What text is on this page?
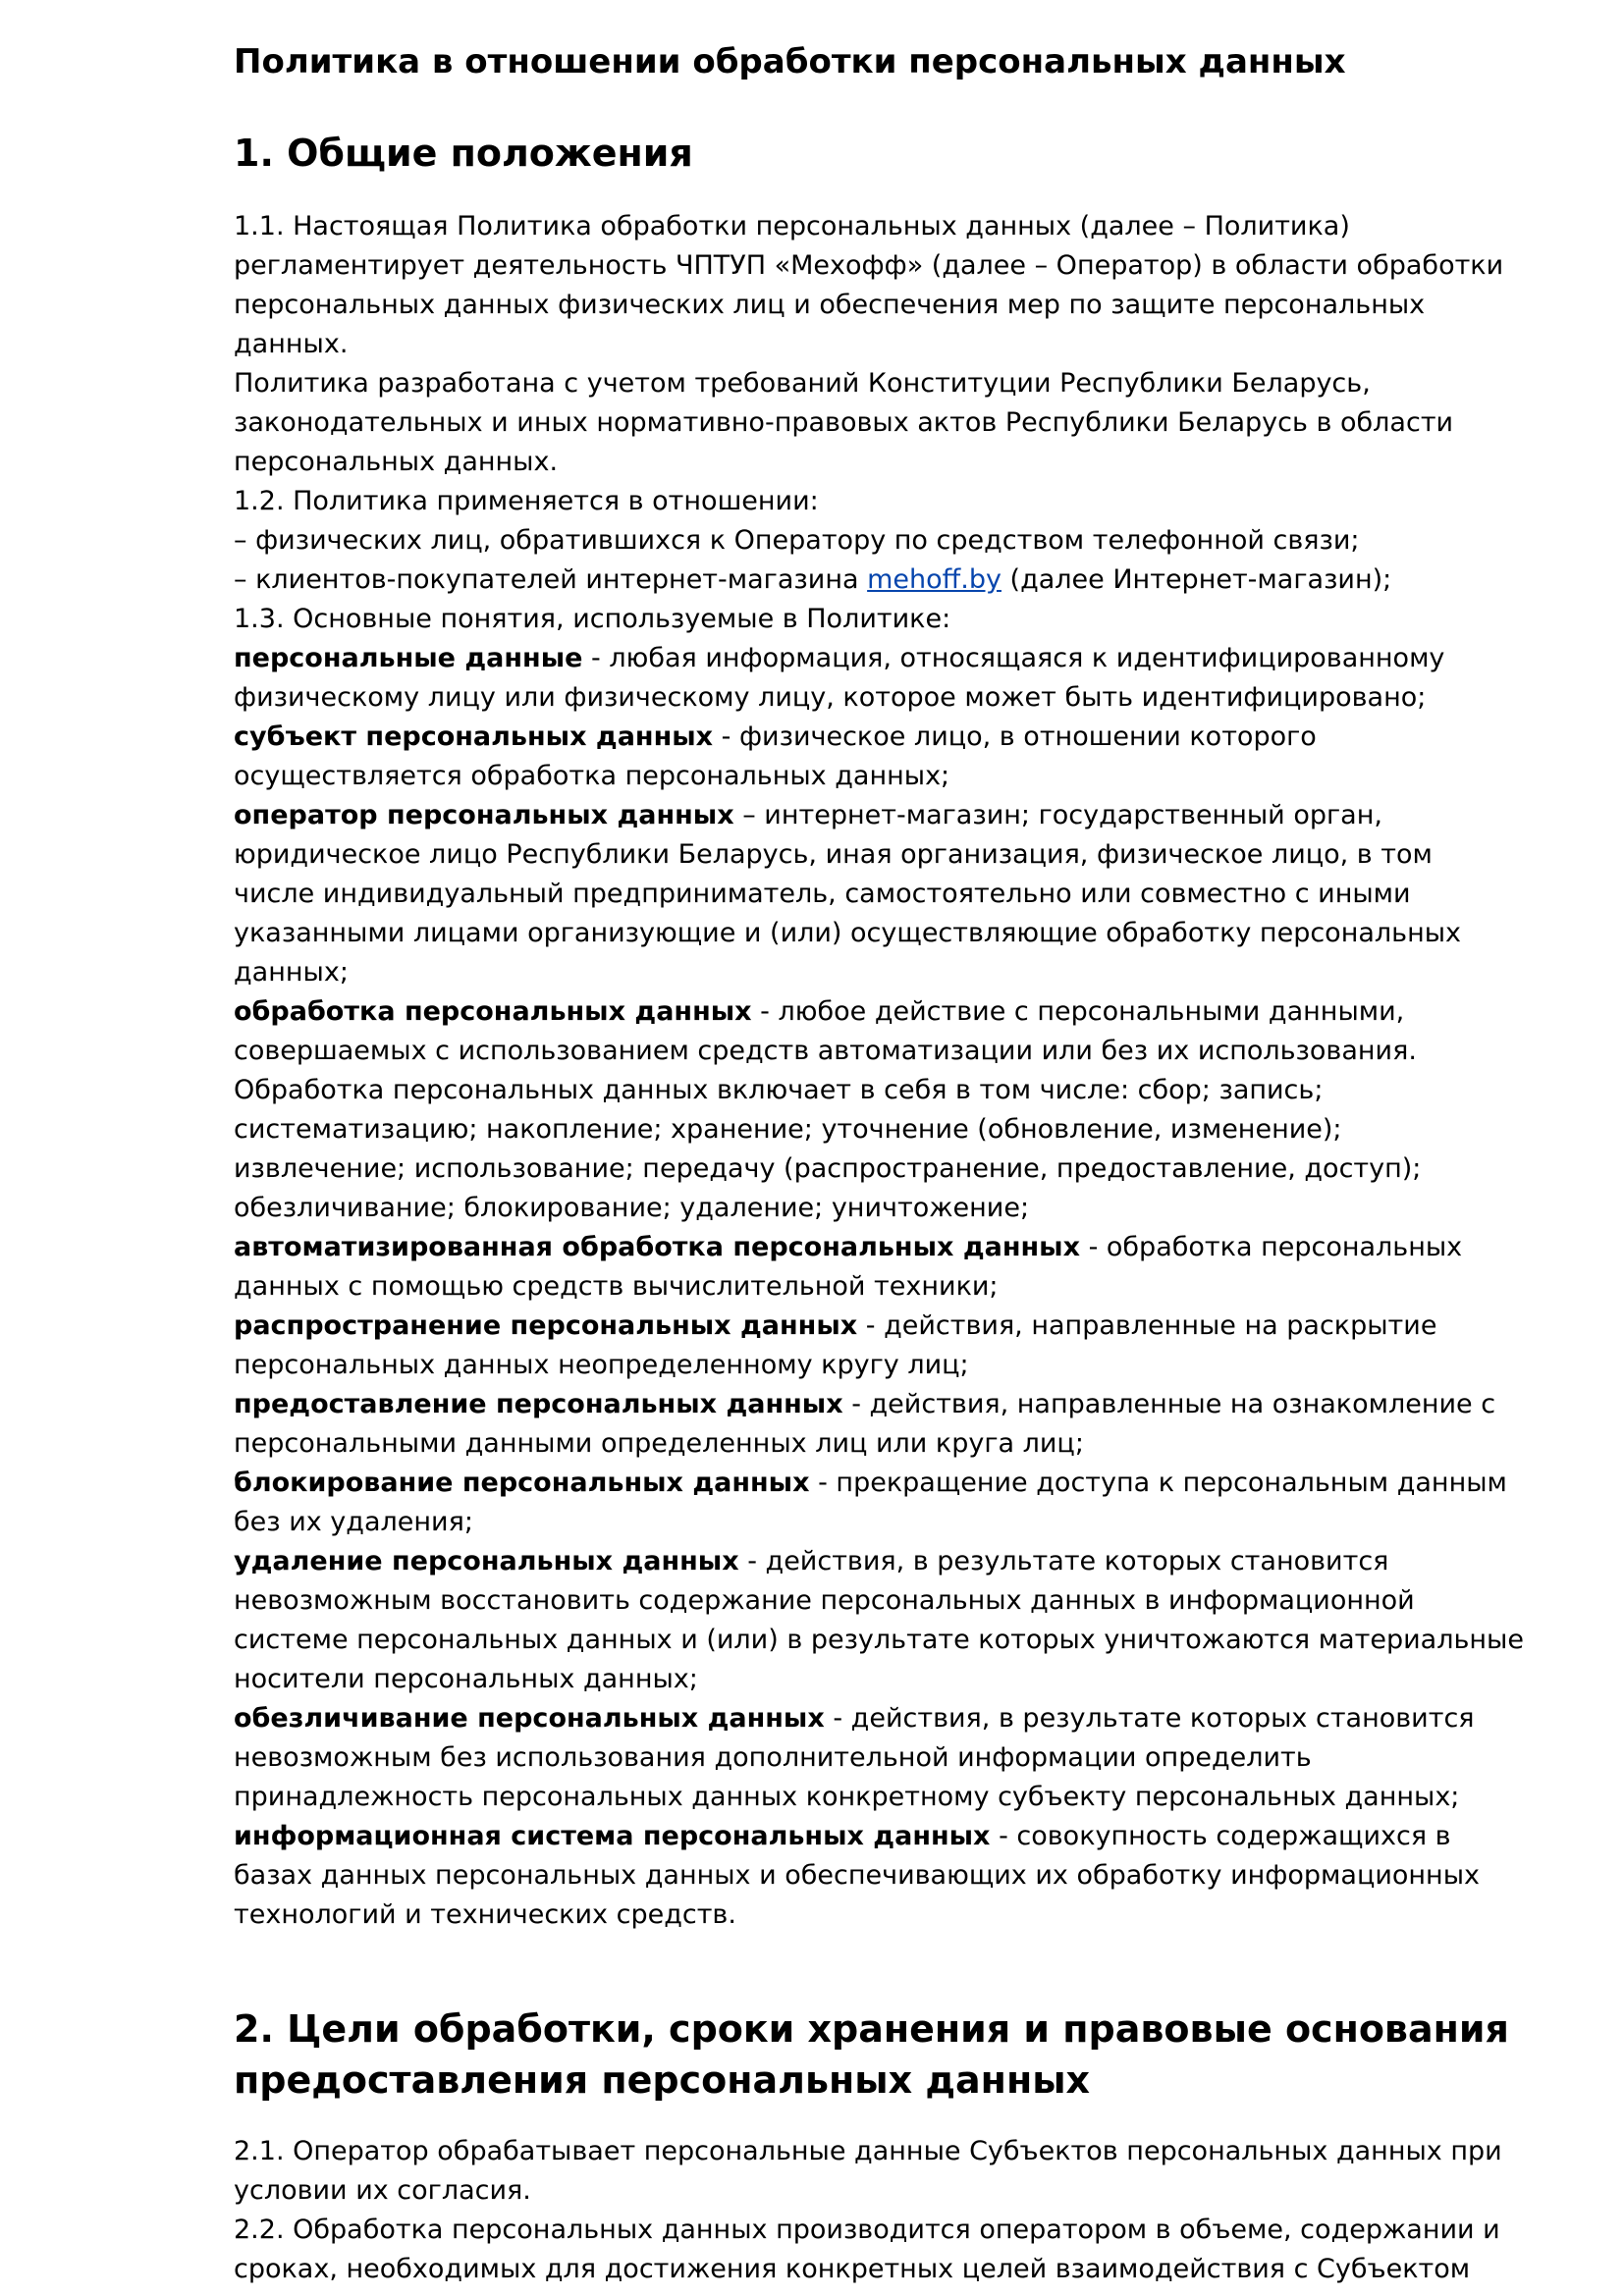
Политика в отношении обработки персональных данных
1. Общие положения
1.1. Настоящая Политика обработки персональных данных (далее – Политика)
регламентирует деятельность ЧПТУП «Мехофф» (далее – Оператор) в области обработки
персональных данных физических лиц и обеспечения мер по защите персональных
данных.
Политика разработана с учетом требований Конституции Республики Беларусь,
законодательных и иных нормативно-правовых актов Республики Беларусь в области
персональных данных.
1.2. Политика применяется в отношении:
– физических лиц, обратившихся к Оператору по средством телефонной связи;
– клиентов-покупателей интернет-магазина mehoff.by (далее Интернет-магазин);
1.3. Основные понятия, используемые в Политике:
персональные данные - любая информация, относящаяся к идентифицированному
физическому лицу или физическому лицу, которое может быть идентифицировано;
субъект персональных данных - физическое лицо, в отношении которого
осуществляется обработка персональных данных;
оператор персональных данных – интернет-магазин; государственный орган,
юридическое лицо Республики Беларусь, иная организация, физическое лицо, в том
числе индивидуальный предприниматель, самостоятельно или совместно с иными
указанными лицами организующие и (или) осуществляющие обработку персональных
данных;
обработка персональных данных - любое действие с персональными данными,
совершаемых с использованием средств автоматизации или без их использования.
Обработка персональных данных включает в себя в том числе: сбор; запись;
систематизацию; накопление; хранение; уточнение (обновление, изменение);
извлечение; использование; передачу (распространение, предоставление, доступ);
обезличивание; блокирование; удаление; уничтожение;
автоматизированная обработка персональных данных - обработка персональных
данных с помощью средств вычислительной техники;
распространение персональных данных - действия, направленные на раскрытие
персональных данных неопределенному кругу лиц;
предоставление персональных данных - действия, направленные на ознакомление с
персональными данными определенных лиц или круга лиц;
блокирование персональных данных - прекращение доступа к персональным данным
без их удаления;
удаление персональных данных - действия, в результате которых становится
невозможным восстановить содержание персональных данных в информационной
системе персональных данных и (или) в результате которых уничтожаются материальные
носители персональных данных;
обезличивание персональных данных - действия, в результате которых становится
невозможным без использования дополнительной информации определить
принадлежность персональных данных конкретному субъекту персональных данных;
информационная система персональных данных - совокупность содержащихся в
базах данных персональных данных и обеспечивающих их обработку информационных
технологий и технических средств.
2. Цели обработки, сроки хранения и правовые основания
предоставления персональных данных
2.1. Оператор обрабатывает персональные данные Субъектов персональных данных при
условии их согласия.
2.2. Обработка персональных данных производится оператором в объеме, содержании и
сроках, необходимых для достижения конкретных целей взаимодействия с Субъектом
